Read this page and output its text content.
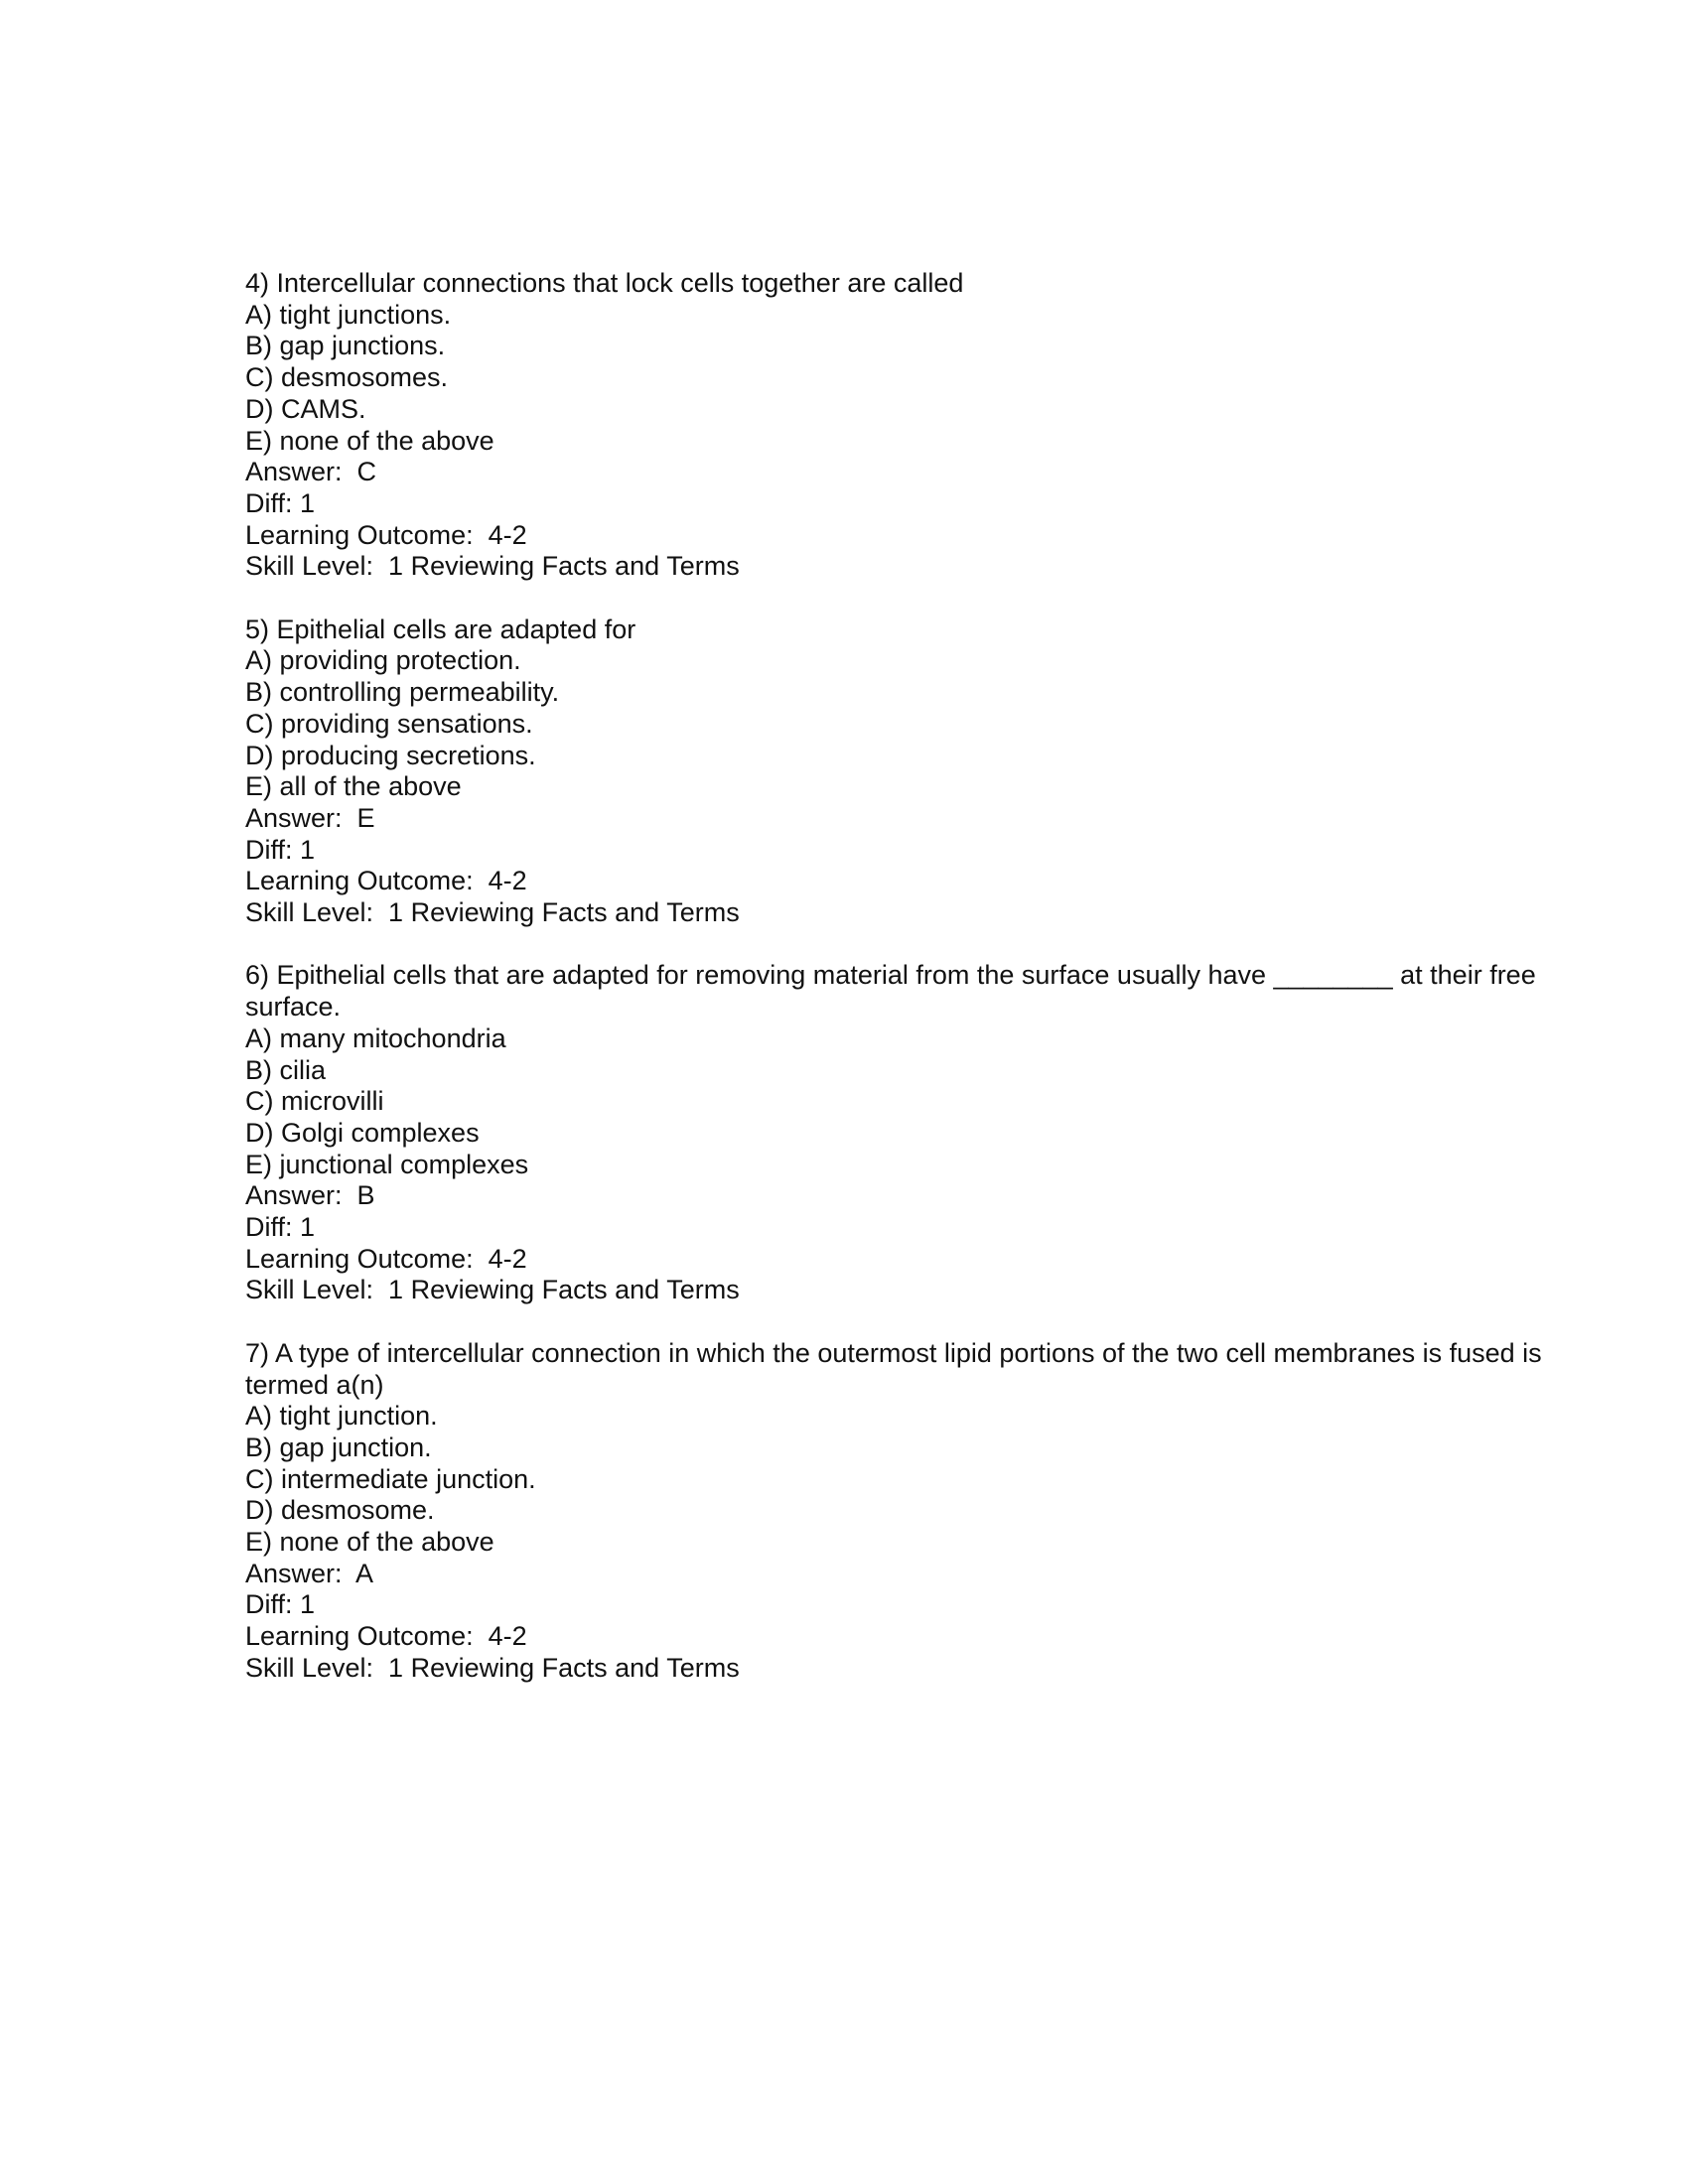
4) Intercellular connections that lock cells together are called
A) tight junctions.
B) gap junctions.
C) desmosomes.
D) CAMS.
E) none of the above
Answer:  C
Diff: 1
Learning Outcome:  4-2
Skill Level:  1 Reviewing Facts and Terms
5) Epithelial cells are adapted for
A) providing protection.
B) controlling permeability.
C) providing sensations.
D) producing secretions.
E) all of the above
Answer:  E
Diff: 1
Learning Outcome:  4-2
Skill Level:  1 Reviewing Facts and Terms
6) Epithelial cells that are adapted for removing material from the surface usually have ________ at their free surface.
A) many mitochondria
B) cilia
C) microvilli
D) Golgi complexes
E) junctional complexes
Answer:  B
Diff: 1
Learning Outcome:  4-2
Skill Level:  1 Reviewing Facts and Terms
7) A type of intercellular connection in which the outermost lipid portions of the two cell membranes is fused is termed a(n)
A) tight junction.
B) gap junction.
C) intermediate junction.
D) desmosome.
E) none of the above
Answer:  A
Diff: 1
Learning Outcome:  4-2
Skill Level:  1 Reviewing Facts and Terms
